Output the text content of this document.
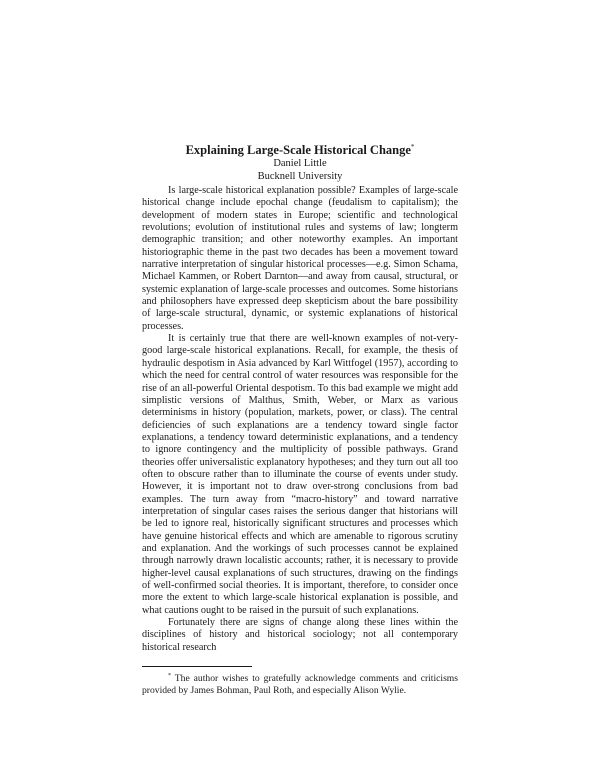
Explaining Large-Scale Historical Change*

Daniel Little

Bucknell University

Is large-scale historical explanation possible? Examples of large-scale historical change include epochal change (feudalism to capitalism); the development of modern states in Europe; scientific and technological revolutions; evolution of institutional rules and systems of law; longterm demographic transition; and other noteworthy examples. An important historiographic theme in the past two decades has been a movement toward narrative interpretation of singular historical processes—e.g. Simon Schama, Michael Kammen, or Robert Darnton—and away from causal, structural, or systemic explanation of large-scale processes and outcomes. Some historians and philosophers have expressed deep skepticism about the bare possibility of large-scale structural, dynamic, or systemic explanations of historical processes.

It is certainly true that there are well-known examples of not-very-good large-scale historical explanations. Recall, for example, the thesis of hydraulic despotism in Asia advanced by Karl Wittfogel (1957), according to which the need for central control of water resources was responsible for the rise of an all-powerful Oriental despotism. To this bad example we might add simplistic versions of Malthus, Smith, Weber, or Marx as various determinisms in history (population, markets, power, or class). The central deficiencies of such explanations are a tendency toward single factor explanations, a tendency toward deterministic explanations, and a tendency to ignore contingency and the multiplicity of possible pathways. Grand theories offer universalistic explanatory hypotheses; and they turn out all too often to obscure rather than to illuminate the course of events under study. However, it is important not to draw over-strong conclusions from bad examples. The turn away from “macro-history” and toward narrative interpretation of singular cases raises the serious danger that historians will be led to ignore real, historically significant structures and processes which have genuine historical effects and which are amenable to rigorous scrutiny and explanation. And the workings of such processes cannot be explained through narrowly drawn localistic accounts; rather, it is necessary to provide higher-level causal explanations of such structures, drawing on the findings of well-confirmed social theories. It is important, therefore, to consider once more the extent to which large-scale historical explanation is possible, and what cautions ought to be raised in the pursuit of such explanations.

Fortunately there are signs of change along these lines within the disciplines of history and historical sociology; not all contemporary historical research

* The author wishes to gratefully acknowledge comments and criticisms provided by James Bohman, Paul Roth, and especially Alison Wylie.
